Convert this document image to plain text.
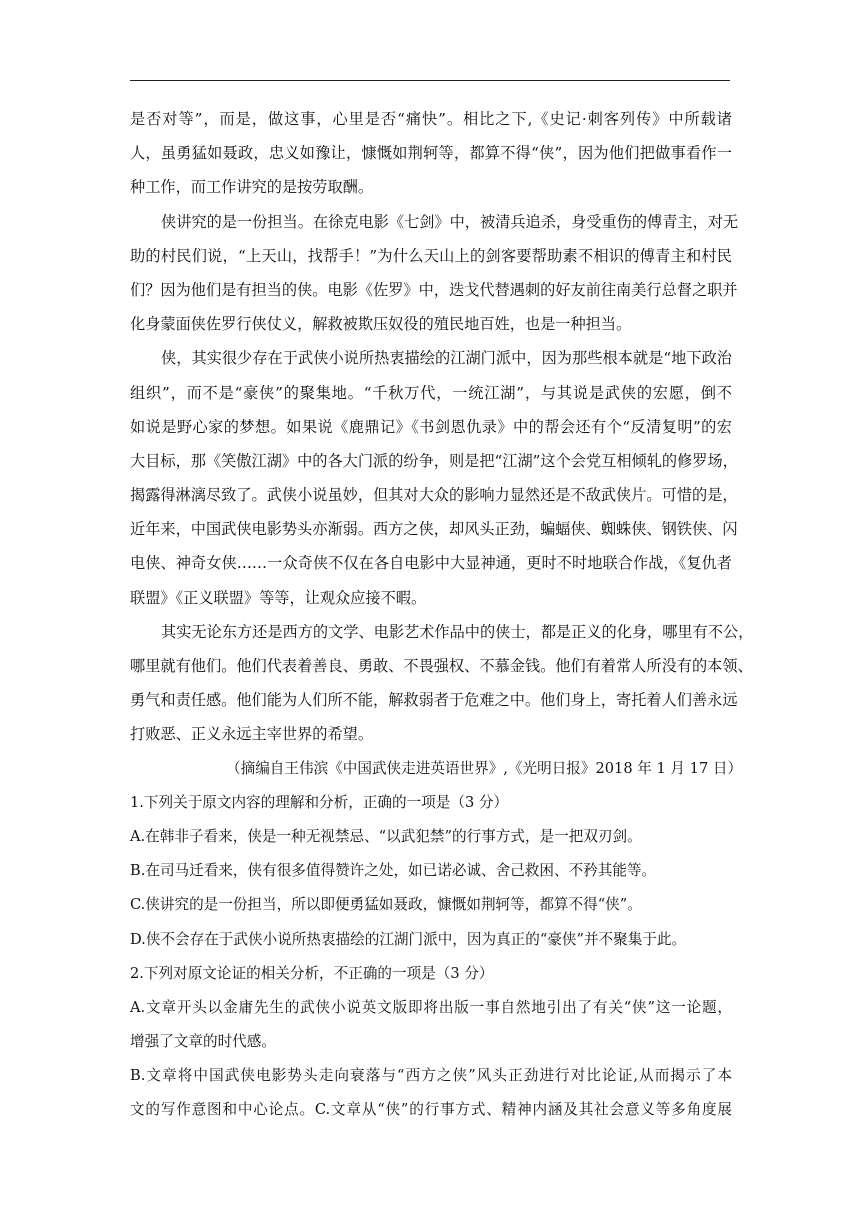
是否对等”，而是，做这事，心里是否“痛快”。相比之下,《史记·刺客列传》中所载诸
人，虽勇猛如聂政，忠义如豫让，慷慨如荆轲等，都算不得“侠”，因为他们把做事看作一
种工作，而工作讲究的是按劳取酬。
侠讲究的是一份担当。在徐克电影《七剑》中，被清兵追杀，身受重伤的傅青主，对无
助的村民们说，“上天山，找帮手！”为什么天山上的剑客要帮助素不相识的傅青主和村民
们？因为他们是有担当的侠。电影《佐罗》中，迭戈代替遇刺的好友前往南美行总督之职并
化身蒙面侠佐罗行侠仗义，解救被欺压奴役的殖民地百姓，也是一种担当。
侠，其实很少存在于武侠小说所热衷描绘的江湖门派中，因为那些根本就是“地下政治
组织”，而不是“豪侠”的聚集地。“千秋万代，一统江湖”，与其说是武侠的宏愿，倒不
如说是野心家的梦想。如果说《鹿鼎记》《书剑恩仇录》中的帮会还有个“反清复明”的宏
大目标，那《笑傲江湖》中的各大门派的纷争，则是把“江湖”这个会党互相倾轧的修罗场，
揭露得淋漓尽致了。武侠小说虽妙，但其对大众的影响力显然还是不敌武侠片。可惜的是，
近年来，中国武侠电影势头亦渐弱。西方之侠，却风头正劲，蝙蝠侠、蜘蛛侠、钢铁侠、闪
电侠、神奇女侠……一众奇侠不仅在各自电影中大显神通，更时不时地联合作战，《复仇者
联盟》《正义联盟》等等，让观众应接不暇。
其实无论东方还是西方的文学、电影艺术作品中的侠士，都是正义的化身，哪里有不公，
哪里就有他们。他们代表着善良、勇敢、不畏强权、不慕金钱。他们有着常人所没有的本领、
勇气和责任感。他们能为人们所不能，解救弱者于危难之中。他们身上，寄托着人们善永远
打败恶、正义永远主宰世界的希望。
（摘编自王伟滨《中国武侠走进英语世界》,《光明日报》2018 年 1 月 17 日）
1.下列关于原文内容的理解和分析，正确的一项是（3 分）
A.在韩非子看来，侠是一种无视禁忌、“以武犯禁”的行事方式，是一把双刃剑。
B.在司马迁看来，侠有很多值得赞许之处，如已诺必诚、舍己救困、不矜其能等。
C.侠讲究的是一份担当，所以即便勇猛如聂政，慷慨如荆轲等，都算不得“侠”。
D.侠不会存在于武侠小说所热衷描绘的江湖门派中，因为真正的“豪侠”并不聚集于此。
2.下列对原文论证的相关分析，不正确的一项是（3 分）
A.文章开头以金庸先生的武侠小说英文版即将出版一事自然地引出了有关“侠”这一论题，
增强了文章的时代感。
B.文章将中国武侠电影势头走向衰落与“西方之侠”风头正劲进行对比论证,从而揭示了本
文的写作意图和中心论点。C.文章从“侠”的行事方式、精神内涵及其社会意义等多角度展
